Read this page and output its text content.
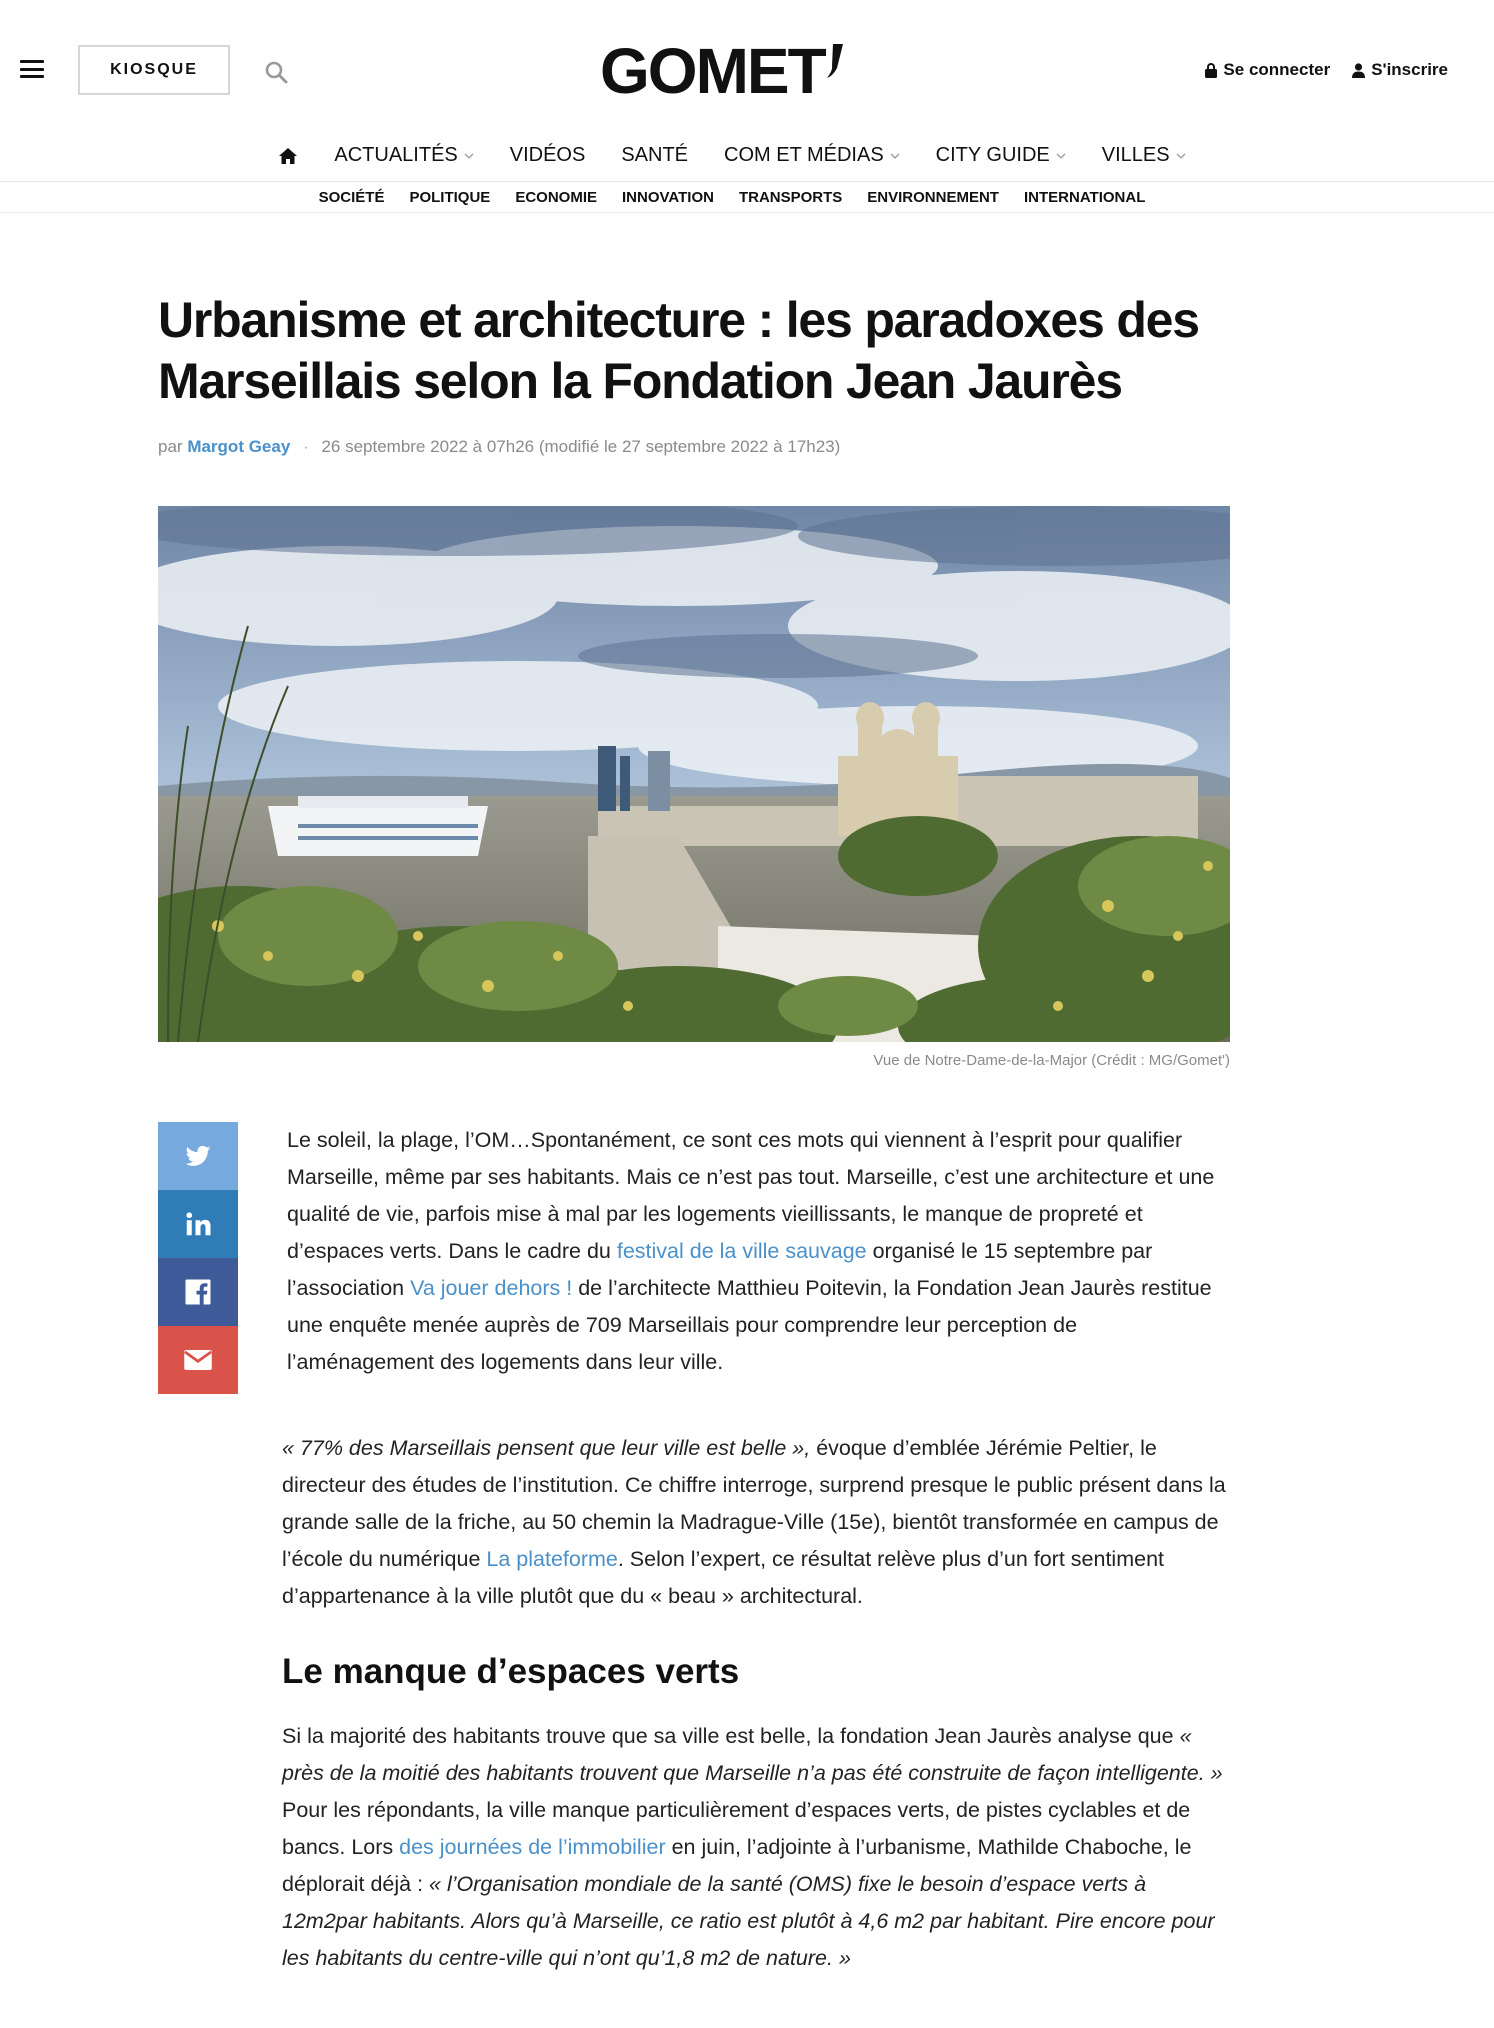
KIOSQUE	GOMET	Se connecter S'inscrire
ACTUALITÉS	VIDÉOS SANTÉ COM ET MÉDIAS	CITY GUIDE	VILLES
SOCIÉTÉ POLITIQUE ECONOMIE INNOVATION TRANSPORTS ENVIRONNEMENT INTERNATIONAL
Urbanisme et architecture : les paradoxes des Marseillais selon la Fondation Jean Jaurès
par Margot Geay · 26 septembre 2022 à 07h26 (modifié le 27 septembre 2022 à 17h23)
Vue de Notre-Dame-de-la-Major (Crédit : MG/Gomet')

Le soleil, la plage, l’OM…Spontanément, ce sont ces mots qui viennent à l’esprit pour qualifier Marseille, même par ses habitants. Mais ce n’est pas tout. Marseille, c’est une architecture et une qualité de vie, parfois mise à mal par les logements vieillissants, le manque de propreté et d’espaces verts. Dans le cadre du festival de la ville sauvage organisé le 15 septembre par l’association Va jouer dehors ! de l’architecte Matthieu Poitevin, la Fondation Jean Jaurès restitue une enquête menée auprès de 709 Marseillais pour comprendre leur perception de l’aménagement des logements dans leur ville.

« 77% des Marseillais pensent que leur ville est belle », évoque d’emblée Jérémie Peltier, le directeur des études de l’institution. Ce chiffre interroge, surprend presque le public présent dans la grande salle de la friche, au 50 chemin la Madrague-Ville (15e), bientôt transformée en campus de l’école du numérique La plateforme. Selon l’expert, ce résultat relève plus d’un fort sentiment d’appartenance à la ville plutôt que du « beau » architectural.

Le manque d’espaces verts

Si la majorité des habitants trouve que sa ville est belle, la fondation Jean Jaurès analyse que « près de la moitié des habitants trouvent que Marseille n’a pas été construite de façon intelligente. » Pour les répondants, la ville manque particulièrement d’espaces verts, de pistes cyclables et de bancs. Lors des journées de l’immobilier en juin, l’adjointe à l’urbanisme, Mathilde Chaboche, le déplorait déjà : « l’Organisation mondiale de la santé (OMS) fixe le besoin d’espace verts à 12m2par habitants. Alors qu’à Marseille, ce ratio est plutôt à 4,6 m2 par habitant. Pire encore pour les habitants du centre-ville qui n’ont qu’1,8 m2 de nature. »
